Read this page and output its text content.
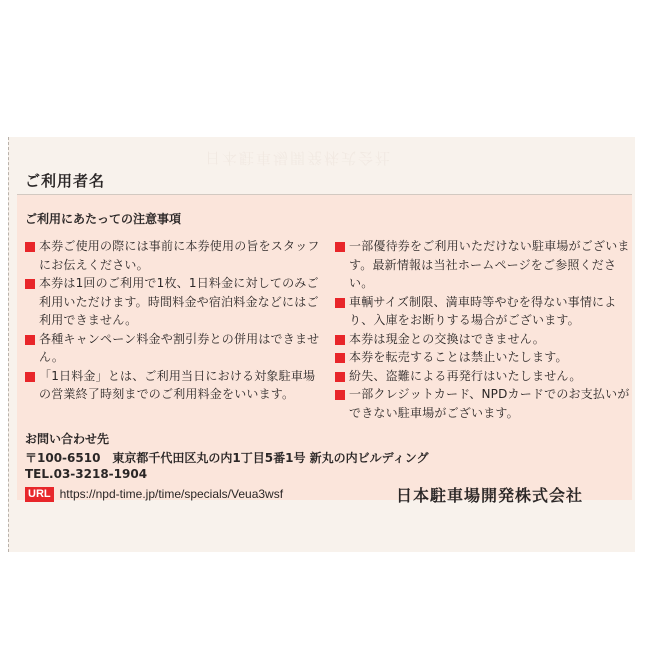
日本駐車場開発株式会社
ご利用者名
ご利用にあたっての注意事項
本券ご使用の際には事前に本券使用の旨をスタッフにお伝えください。
本券は1回のご利用で1枚、1日料金に対してのみご利用いただけます。時間料金や宿泊料金などにはご利用できません。
各種キャンペーン料金や割引券との併用はできません。
「1日料金」とは、ご利用当日における対象駐車場の営業終了時刻までのご利用料金をいいます。
一部優待券をご利用いただけない駐車場がございます。最新情報は当社ホームページをご参照ください。
車輌サイズ制限、満車時等やむを得ない事情により、入庫をお断りする場合がございます。
本券は現金との交換はできません。
本券を転売することは禁止いたします。
紛失、盗難による再発行はいたしません。
一部クレジットカード、NPDカードでのお支払いができない駐車場がございます。
お問い合わせ先
〒100-6510　東京都千代田区丸の内1丁目5番1号 新丸の内ビルディング
TEL.03-3218-1904
URL https://npd-time.jp/time/specials/Veua3wsf	日本駐車場開発株式会社
